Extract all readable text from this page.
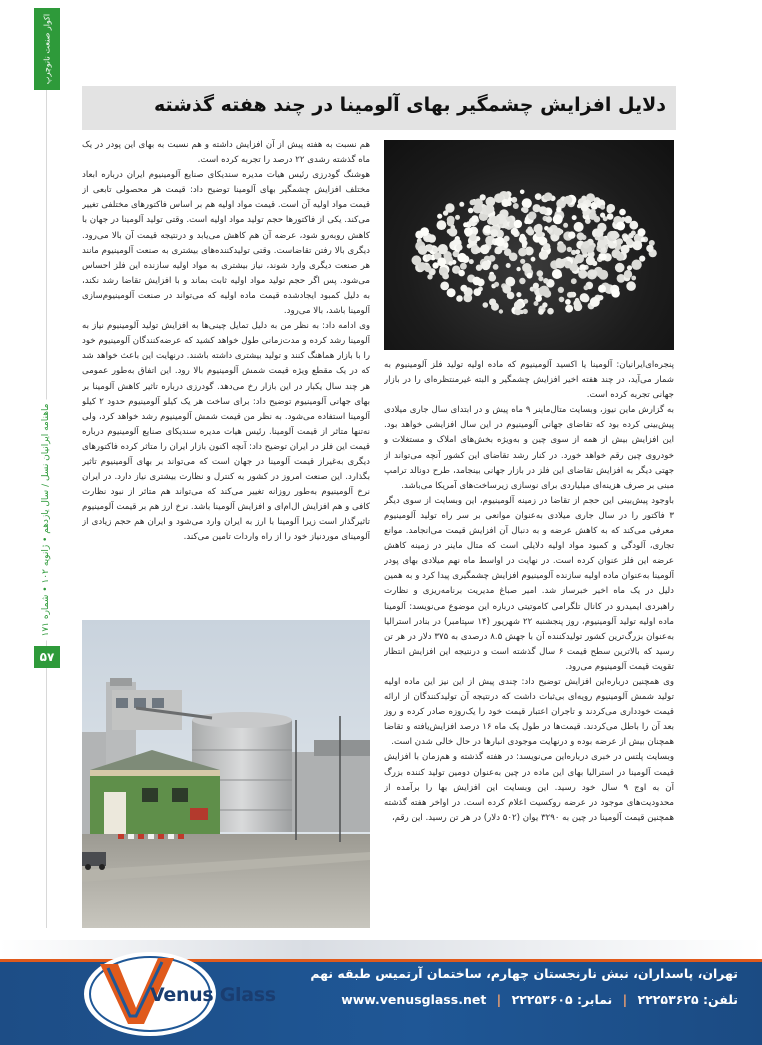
اکوار صنعت نانوچرپ
ماهنامه ایرانیان نسل / سال یازدهم • ژانویه ۱۰۲ • شماره ۱۷۱
۵۷
دلایل افزایش چشمگیر بهای آلومینا در چند هفته گذشته

هم نسبت به هفته پیش از آن افزایش داشته و هم نسبت به بهای این پودر در یک ماه گذشته رشدی ۲۲ درصد را تجربه کرده است.

هوشنگ گودرزی رئیس هیات مدیره سندیکای صنایع آلومینیوم ایران درباره ابعاد مختلف افزایش چشمگیر بهای آلومینا توضیح داد: قیمت هر محصولی تابعی از قیمت مواد اولیه آن است. قیمت مواد اولیه هم بر اساس فاکتورهای مختلفی تغییر می‌کند. یکی از فاکتورها حجم تولید مواد اولیه است. وقتی تولید آلومینا در جهان با کاهش روبه‌رو شود، عرضه آن هم کاهش می‌یابد و درنتیجه قیمت آن بالا می‌رود. دیگری بالا رفتن تقاضاست. وقتی تولیدکننده‌های بیشتری به صنعت آلومینیوم مانند هر صنعت دیگری وارد شوند، نیاز بیشتری به مواد اولیه سازنده این فلز احساس می‌شود. پس اگر حجم تولید مواد اولیه ثابت بماند و با افزایش تقاضا رشد نکند، به دلیل کمبود ایجادشده قیمت ماده اولیه که می‌تواند در صنعت آلومینیوم‌سازی آلومینا باشد، بالا می‌رود.

وی ادامه داد: به نظر من به دلیل تمایل چینی‌ها به افزایش تولید آلومینیوم نیاز به آلومینا رشد کرده و مدت‌زمانی طول خواهد کشید که عرضه‌کنندگان آلومینیوم خود را با بازار هماهنگ کنند و تولید بیشتری داشته باشند. درنهایت این باعث خواهد شد که در یک مقطع ویژه قیمت شمش آلومینیوم بالا رود. این اتفاق به‌طور عمومی هر چند سال یکبار در این بازار رخ می‌دهد. گودرزی درباره تاثیر کاهش آلومینا بر بهای جهانی آلومینیوم توضیح داد: برای ساخت هر یک کیلو آلومینیوم حدود ۲ کیلو آلومینا استفاده می‌شود. به نظر من قیمت شمش آلومینیوم رشد خواهد کرد، ولی نه‌تنها متاثر از قیمت آلومینا. رئیس هیات مدیره سندیکای صنایع آلومینیوم درباره قیمت این فلز در ایران توضیح داد: آنچه اکنون بازار ایران را متاثر کرده فاکتورهای دیگری به‌غیراز قیمت آلومینا در جهان است که می‌تواند بر بهای آلومینیوم تاثیر بگذارد. این صنعت امروز در کشور به کنترل و نظارت بیشتری نیاز دارد. در ایران نرخ آلومینیوم به‌طور روزانه تغییر می‌کند که می‌تواند هم متاثر از نبود نظارت کافی و هم افزایش ال‌ام‌ای و افزایش آلومینا باشد. نرخ ارز هم بر قیمت آلومینیوم تاثیرگذار است زیرا آلومینا با ارز به ایران وارد می‌شود و ایران هم حجم زیادی از آلومینای موردنیاز خود را از راه واردات تامین می‌کند.

پنجره‌ای‌ایرانیان: آلومینا یا اکسید آلومینیوم که ماده اولیه تولید فلز آلومینیوم به شمار می‌آید، در چند هفته اخیر افزایش چشمگیر و البته غیرمنتظره‌ای را در بازار جهانی تجربه کرده است.

به گزارش ماین نیوز، وبسایت متال‌ماینر ۹ ماه پیش و در ابتدای سال جاری میلادی پیش‌بینی کرده بود که تقاضای جهانی آلومینیوم در این سال افزایشی خواهد بود. این افزایش بیش از همه از سوی چین و به‌ویژه بخش‌های املاک و مستغلات و خودروی چین رقم خواهد خورد. در کنار رشد تقاضای این کشور آنچه می‌تواند از جهتی دیگر به افزایش تقاضای این فلز در بازار جهانی بینجامد، طرح دونالد ترامپ مبنی بر صرف هزینه‌ای میلیاردی برای نوسازی زیرساخت‌های آمریکا می‌باشد.

باوجود پیش‌بینی این حجم از تقاضا در زمینه آلومینیوم، این وبسایت از سوی دیگر ۳ فاکتور را در سال جاری میلادی به‌عنوان موانعی بر سر راه تولید آلومینیوم معرفی می‌کند که به کاهش عرضه و به دنبال آن افزایش قیمت می‌انجامد. موانع تجاری، آلودگی و کمبود مواد اولیه دلایلی است که متال ماینر در زمینه کاهش عرضه این فلز عنوان کرده است. در نهایت در اواسط ماه نهم میلادی بهای پودر آلومینا به‌عنوان ماده اولیه سازنده آلومینیوم افزایش چشمگیری پیدا کرد و به همین دلیل در یک ماه اخیر خبرساز شد. امیر صباغ مدیریت برنامه‌ریزی و نظارت راهبردی ایمیدرو در کانال تلگرامی کاموتیتی درباره این موضوع می‌نویسد: آلومینا ماده اولیه تولید آلومینیوم، روز پنجشنبه ۲۲ شهریور (۱۴ سپتامبر) در بنادر استرالیا به‌عنوان بزرگ‌ترین کشور تولیدکننده آن با جهش ۸.۵ درصدی به ۳۷۵ دلار در هر تن رسید که بالاترین سطح قیمت ۶ سال گذشته است و درنتیجه این افزایش انتظار تقویت قیمت آلومینیوم می‌رود.

وی همچنین درباره‌این افزایش توضیح داد: چندی پیش از این نیز این ماده اولیه تولید شمش آلومینیوم رویه‌ای بی‌ثبات داشت که درنتیجه آن تولیدکنندگان از ارائه قیمت خودداری می‌کردند و تاجران اعتبار قیمت خود را یک‌روزه صادر کرده و روز بعد آن را باطل می‌کردند. قیمت‌ها در طول یک ماه ۱۶ درصد افزایش‌یافته و تقاضا همچنان بیش از عرضه بوده و درنهایت موجودی انبارها در حال خالی شدن است.

وبسایت پلتس در خبری درباره‌این می‌نویسد: در هفته گذشته و هم‌زمان با افزایش قیمت آلومینا در استرالیا بهای این ماده در چین به‌عنوان دومین تولید کننده بزرگ آن به اوج ۹ سال خود رسید. این وبسایت این افزایش بها را برآمده از محدودیت‌های موجود در عرضه روکسیت اعلام کرده است. در اواخر هفته گذشته همچنین قیمت آلومینا در چین به ۳۲۹۰ یوان (۵۰۲ دلار) در هر تن رسید. این رقم،

Venus Glass
تهران، پاسداران، نبش نارنجستان چهارم، ساختمان آرتمیس طبقه نهم
تلفن: ۲۲۲۵۳۶۲۵ | نمابر: ۲۲۲۵۳۶۰۵ | www.venusglass.net
